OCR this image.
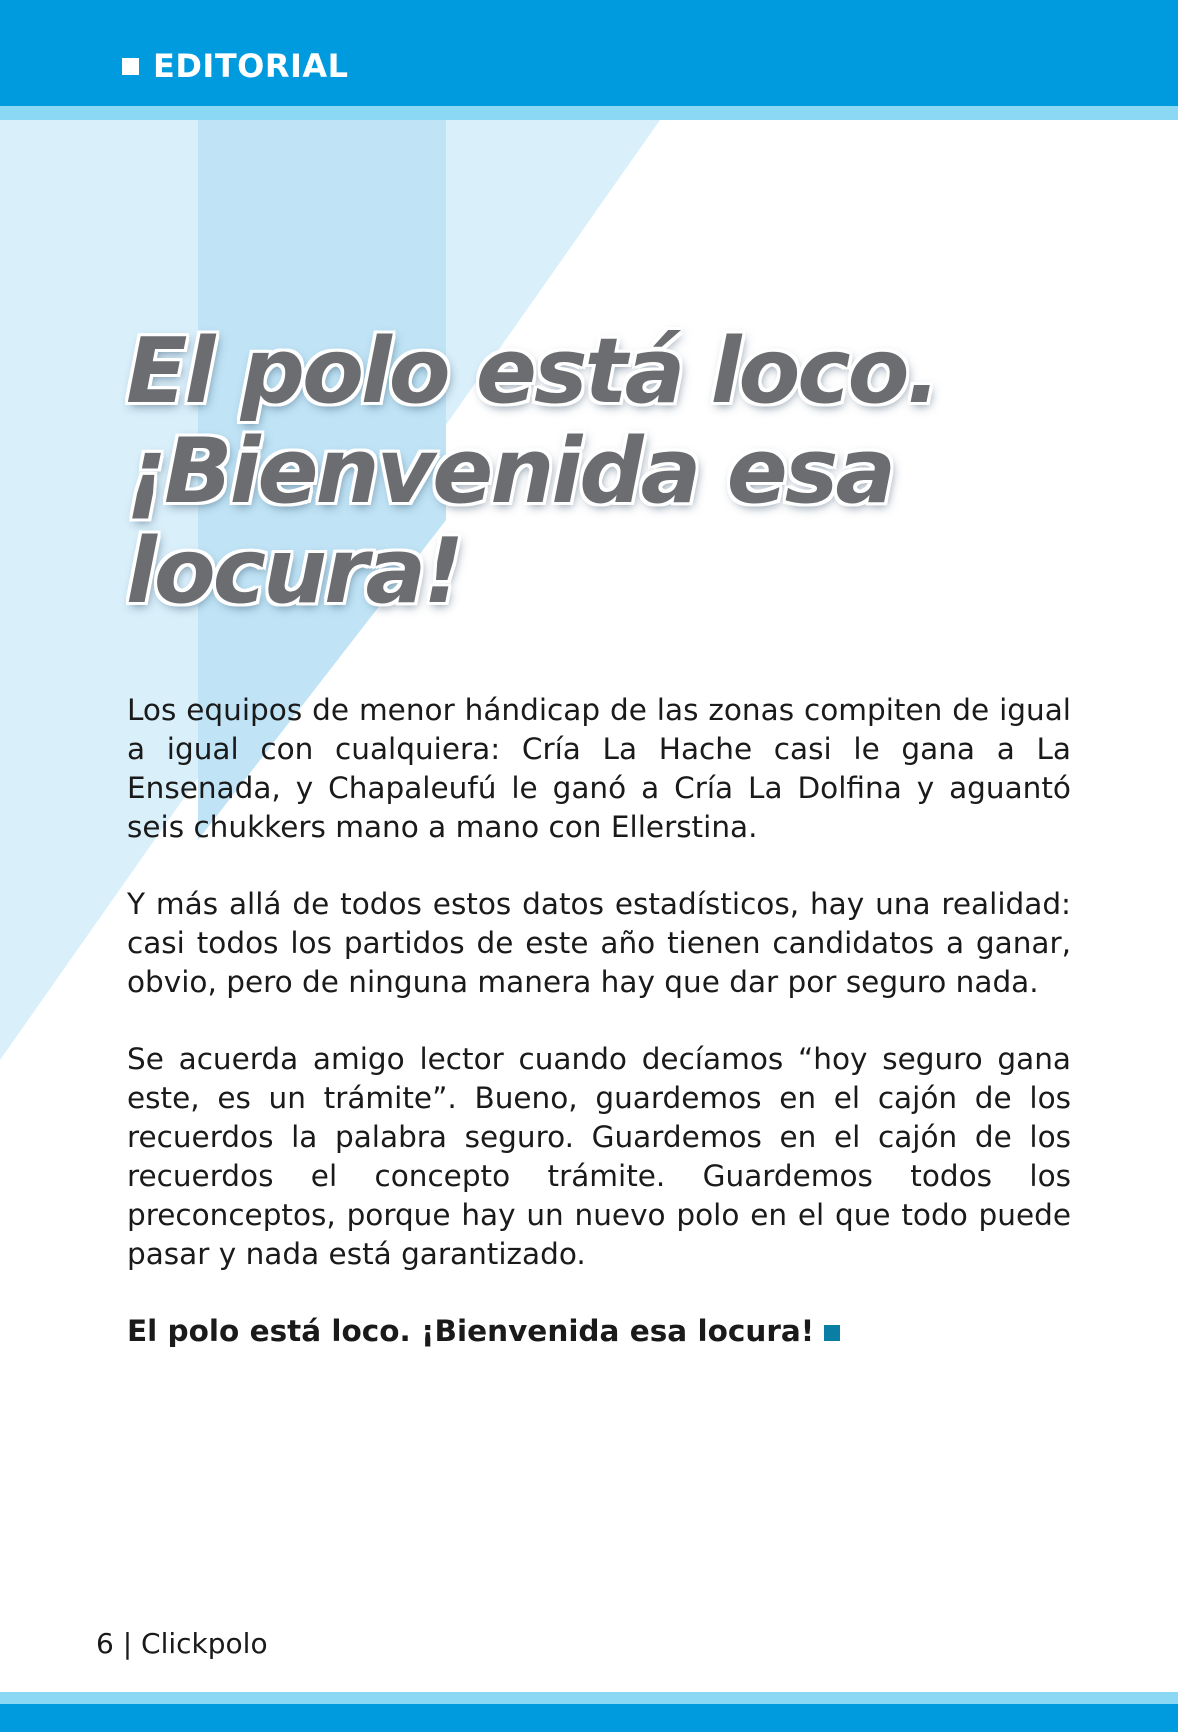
EDITORIAL
El polo está loco.
¡Bienvenida esa
locura!

Los equipos de menor hándicap de las zonas compiten de igual a igual con cualquiera: Cría La Hache casi le gana a La Ensenada, y Chapaleufú le ganó a Cría La Dolfina y aguantó seis chukkers mano a mano con Ellerstina.

Y más allá de todos estos datos estadísticos, hay una realidad: casi todos los partidos de este año tienen candidatos a ganar, obvio, pero de ninguna manera hay que dar por seguro nada.

Se acuerda amigo lector cuando decíamos “hoy seguro gana este, es un trámite”. Bueno, guardemos en el cajón de los recuerdos la palabra seguro. Guardemos en el cajón de los recuerdos el concepto trámite. Guardemos todos los preconceptos, porque hay un nuevo polo en el que todo puede pasar y nada está garantizado.

El polo está loco. ¡Bienvenida esa locura!

6 | Clickpolo
